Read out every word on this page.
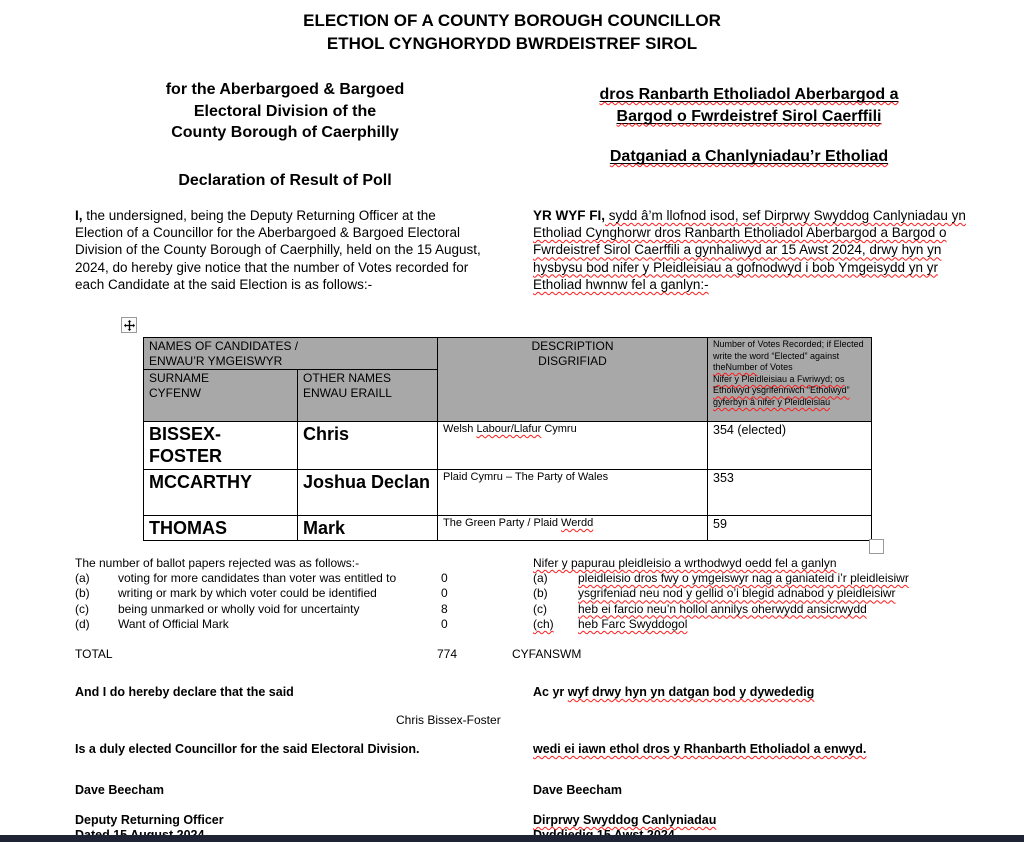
ELECTION OF A COUNTY BOROUGH COUNCILLOR
ETHOL CYNGHORYDD BWRDEISTREF SIROL
for the Aberbargoed & Bargoed
Electoral Division of the
County Borough of Caerphilly
Declaration of Result of Poll
dros Ranbarth Etholiadol Aberbargod a
Bargod o Fwrdeistref Sirol Caerffili
Datganiad a Chanlyniadau’r Etholiad
I, the undersigned, being the Deputy Returning Officer at the Election of a Councillor for the Aberbargoed & Bargoed Electoral Division of the County Borough of Caerphilly, held on the 15 August, 2024, do hereby give notice that the number of Votes recorded for each Candidate at the said Election is as follows:-
YR WYF FI, sydd â’m llofnod isod, sef Dirprwy Swyddog Canlyniadau yn Etholiad Cynghorwr dros Ranbarth Etholiadol Aberbargod a Bargod o Fwrdeistref Sirol Caerffili a gynhaliwyd ar 15 Awst 2024, drwy hyn yn hysbysu bod nifer y Pleidleisiau a gofnodwyd i bob Ymgeisydd yn yr Etholiad hwnnw fel a ganlyn:-
NAMES OF CANDIDATES /
ENWAU’R YMGEISWYR

DESCRIPTION
DISGRIFIAD
	Number of Votes Recorded; if Elected write the word “Elected” against theNumber of Votes
Nifer y Pleidleisiau a Fwriwyd; os Etholwyd ysgrifennwch “Etholwyd” gyferbyn â nifer y Pleidleisiau

SURNAME
CYFENW

OTHER NAMES
ENWAU ERAILL

BISSEX-FOSTER	Chris	Welsh Labour/Llafur Cymru	354 (elected)
MCCARTHY	Joshua Declan	Plaid Cymru – The Party of Wales	353
THOMAS	Mark	The Green Party / Plaid Werdd	59
The number of ballot papers rejected was as follows:-
(a)	voting for more candidates than voter was entitled to	0
(b)	writing or mark by which voter could be identified	0
(c)	being unmarked or wholly void for uncertainty	8
(d)	Want of Official Mark	0
Nifer y papurau pleidleisio a wrthodwyd oedd fel a ganlyn
(a)	pleidleisio dros fwy o ymgeiswyr nag a ganiateid i’r pleidleisiwr
(b)	ysgrifeniad neu nod y gellid o’i blegid adnabod y pleidleisiwr
(c)	heb ei farcio neu’n hollol annilys oherwydd ansicrwydd
(ch)	heb Farc Swyddogol
TOTAL	774	CYFANSWM
And I do hereby declare that the said	Ac yr wyf drwy hyn yn datgan bod y dywededig
Chris Bissex-Foster
Is a duly elected Councillor for the said Electoral Division.	wedi ei iawn ethol dros y Rhanbarth Etholiadol a enwyd.
Dave Beecham	Dave Beecham
Deputy Returning Officer	Dirprwy Swyddog Canlyniadau
